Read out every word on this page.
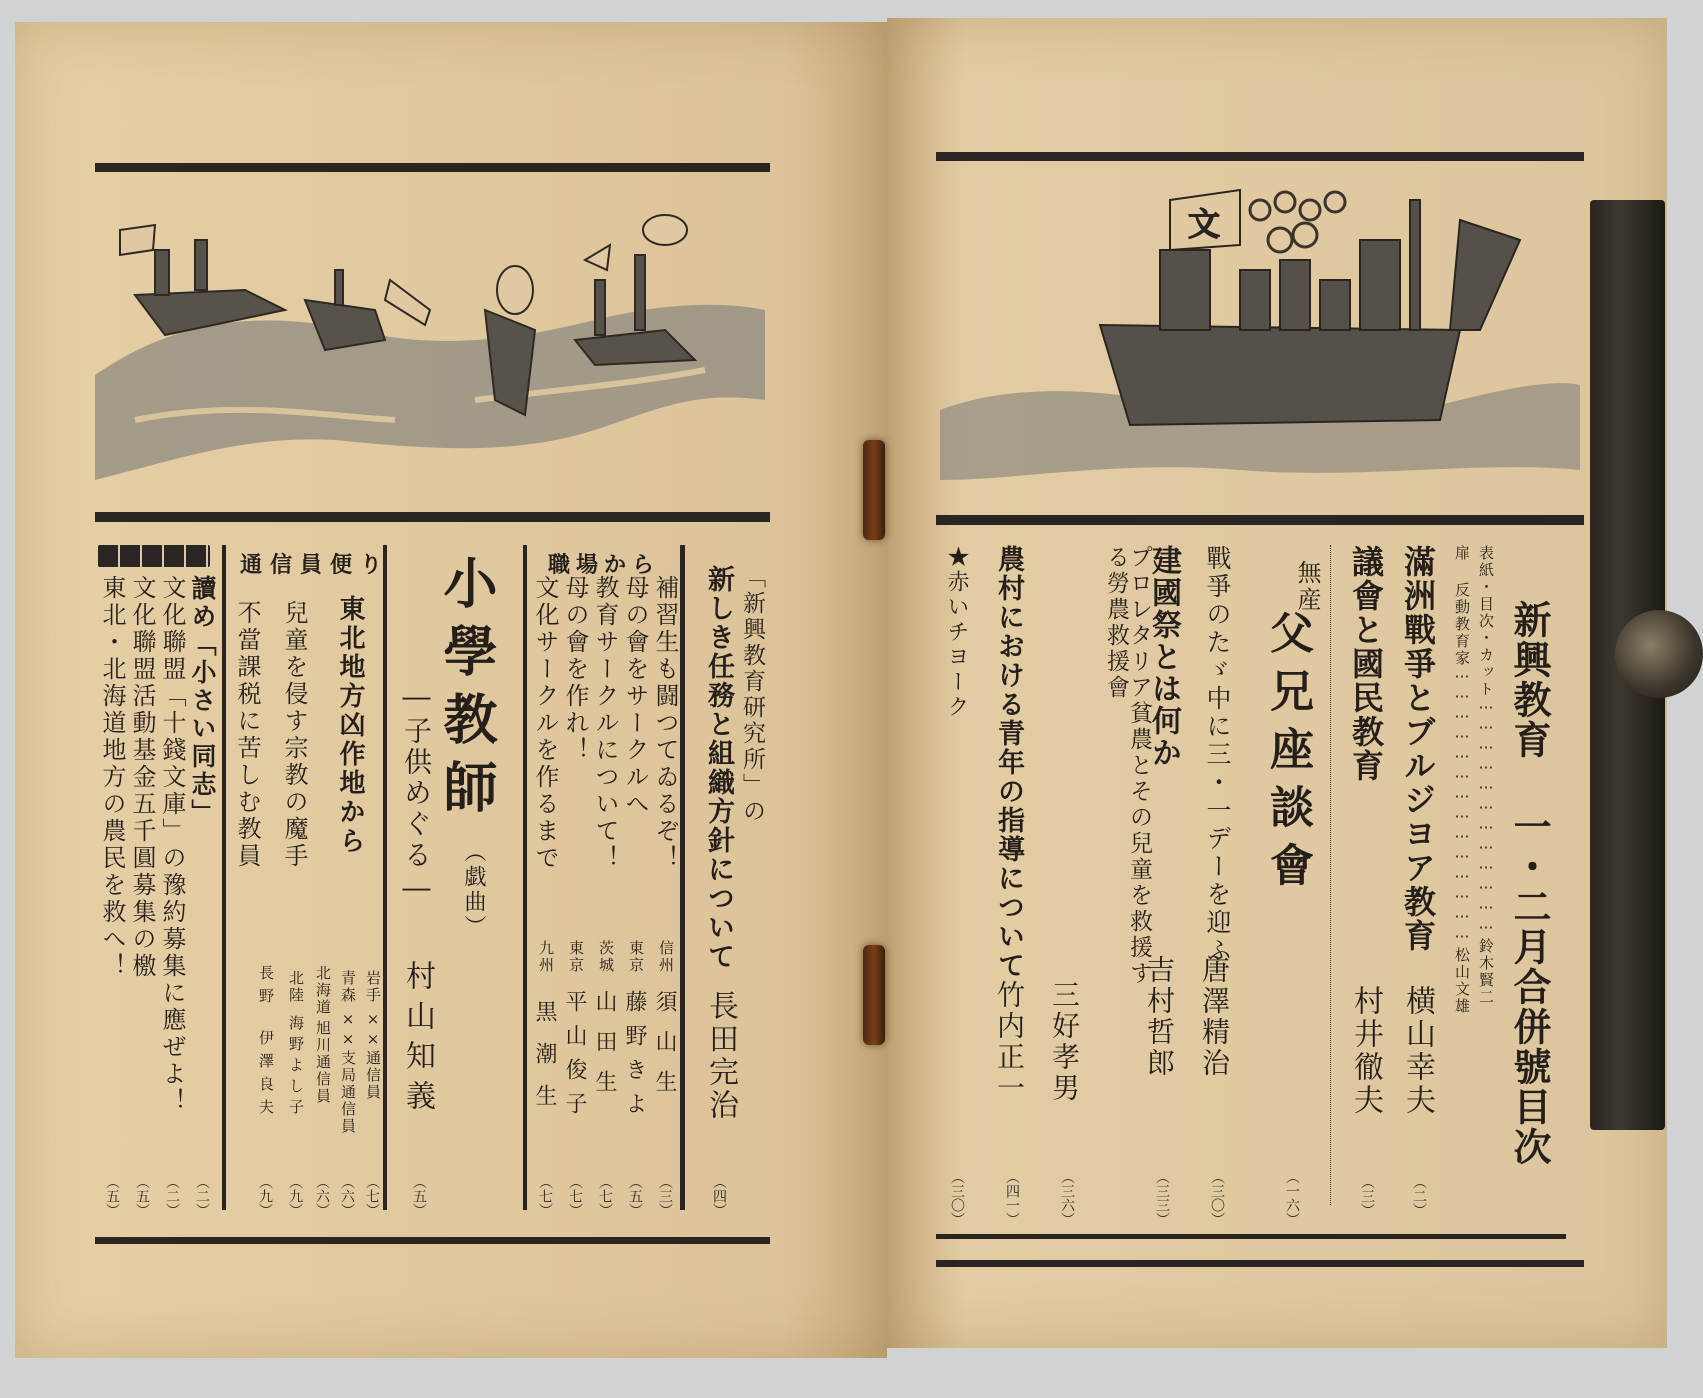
文
新興教育 一・二月合併號目次
表紙・目次・カット⋯⋯⋯⋯⋯⋯⋯⋯⋯⋯⋯⋯鈴木賢二
扉 反動教育家⋯⋯⋯⋯⋯⋯⋯⋯⋯⋯⋯⋯⋯⋯松山文雄
滿洲戰爭とブルジヨア教育
横山幸夫
（二）
議會と國民教育
村井徹夫
（三）
無産
父兄座談會
（一六）
戰爭のたゞ中に三・一デーを迎ふ
唐澤精治
（三〇）
建國祭とは何か
吉村哲郎
（三三）
プロレタリア貧農とその兒童を救援する勞農救援會
三好孝男
（三六）
農村における青年の指導について
竹内正一
（四一）
★赤いチヨーク
（三〇）
職場から	「新興教育研究所」の
新しき任務と組織方針について
長田完治
（四）
補習生も闘つてゐるぞ！
信州
須山生
（三）
母の會をサークルへ
東京
藤野きよ
（五）
教育サークルについて！
茨城
山田生
（七）
母の會を作れ！
東京
平山俊子
（七）
文化サークルを作るまで
九州
黒潮生
（七）
小學教師
（戯曲）
―子供めぐる―
村山知義
（五）
通信員便り
東北地方凶作地から
岩手
××通信員
（七）
青森
××支局通信員
（六）
兒童を侵す宗教の魔手
北海道
旭川通信員
（六）
北陸
海野よし子
（九）
不當課税に苦しむ教員
長野
伊澤良夫
（九）
讀め「小さい同志」
（二）
文化聯盟「十錢文庫」の豫約募集に應ぜよ！
（二）
文化聯盟活動基金五千圓募集の檄
（五）
東北・北海道地方の農民を救へ！
（五）
